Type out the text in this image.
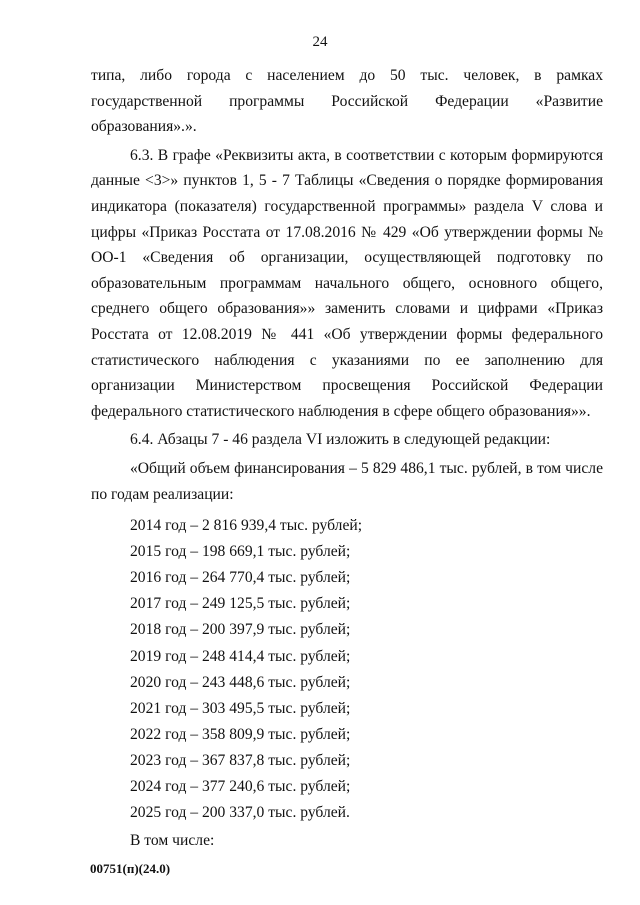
24

типа, либо города с населением до 50 тыс. человек, в рамках государственной программы Российской Федерации «Развитие образования».».

6.3. В графе «Реквизиты акта, в соответствии с которым формируются данные <3>» пунктов 1, 5 - 7 Таблицы «Сведения о порядке формирования индикатора (показателя) государственной программы» раздела V слова и цифры «Приказ Росстата от 17.08.2016 № 429 «Об утверждении формы № ОО-1 «Сведения об организации, осуществляющей подготовку по образовательным программам начального общего, основного общего, среднего общего образования»» заменить словами и цифрами «Приказ Росстата от 12.08.2019 № 441 «Об утверждении формы федерального статистического наблюдения с указаниями по ее заполнению для организации Министерством просвещения Российской Федерации федерального статистического наблюдения в сфере общего образования»».

6.4. Абзацы 7 - 46 раздела VI изложить в следующей редакции:

«Общий объем финансирования – 5 829 486,1 тыс. рублей, в том числе по годам реализации:

2014 год – 2 816 939,4 тыс. рублей;
2015 год – 198 669,1 тыс. рублей;
2016 год – 264 770,4 тыс. рублей;
2017 год – 249 125,5 тыс. рублей;
2018 год – 200 397,9 тыс. рублей;
2019 год – 248 414,4 тыс. рублей;
2020 год – 243 448,6 тыс. рублей;
2021 год – 303 495,5 тыс. рублей;
2022 год – 358 809,9 тыс. рублей;
2023 год – 367 837,8 тыс. рублей;
2024 год – 377 240,6 тыс. рублей;
2025 год – 200 337,0 тыс. рублей.

В том числе:

00751(п)(24.0)
